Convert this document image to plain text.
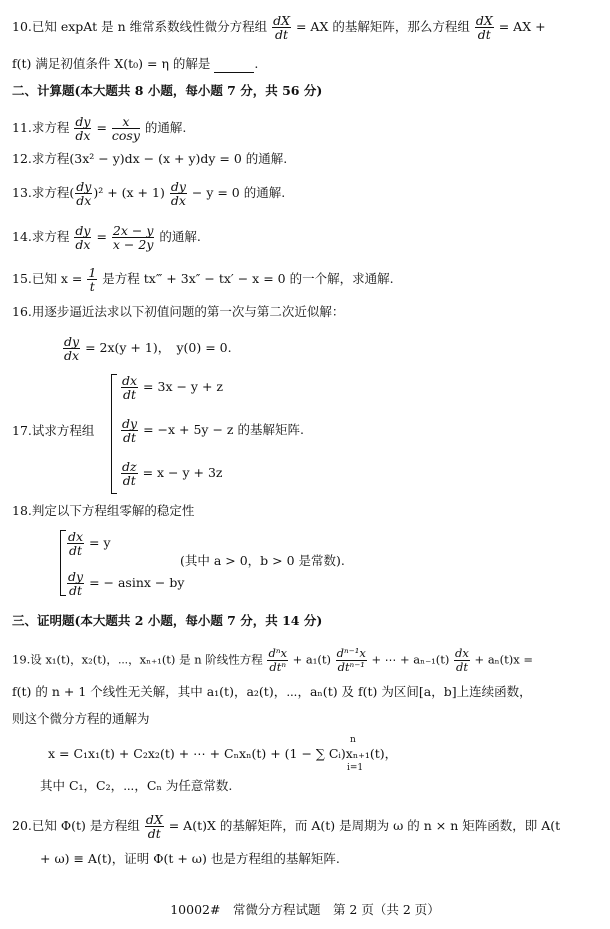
10.已知 expAt 是 n 维常系数线性微分方程组 $\frac{dX}{dt}$ = AX 的基解矩阵，那么方程组 $\frac{dX}{dt}$ = AX +
f(t) 满足初值条件 X(t₀) = η 的解是	.
二、计算题(本大题共 8 小题，每小题 7 分，共 56 分)
11.求方程 $\frac{dy}{dx} = \frac{x}{\cos y}$ 的通解.
12.求方程(3x² − y)dx − (x + y)dy = 0 的通解.
13.求方程( $\frac{dy}{dx} )^2 + (x + 1) \frac{dy}{dx} - y = 0$ 的通解.
14.求方程 $\frac{dy}{dx} = \frac{2x - y}{x - 2y}$ 的通解.
15.已知 $x = \frac{1}{t}$ 是方程 tx‴ + 3x″ − tx′ − x = 0 的一个解，求通解.
16.用逐步逼近法求以下初值问题的第一次与第二次近似解：
$\frac{dy}{dx} = 2x(y + 1)$，　y(0) = 0.
$\frac{dx}{dt} = 3x - y + z$
17.试求方程组	$\frac{dy}{dt} = -x + 5y - z$ 的基解矩阵.
$\frac{dz}{dt} = x - y + 3z$
18.判定以下方程组零解的稳定性
$\frac{dx}{dt} = y$
(其中 a > 0，b > 0 是常数).
$\frac{dy}{dt}$ = − asinx − by
三、证明题(本大题共 2 小题，每小题 7 分，共 14 分)
19.设 x₁(t)，x₂(t)，⋯，xₙ₊₁(t) 是 n 阶线性方程 dⁿx
dtⁿ
+ a₁(t) dⁿ⁻¹x
dtⁿ⁻¹
+ ⋯ + $a_{n-1}(t) \frac{dx}{dt} + a_n(t)x$ =
f(t) 的 n + 1 个线性无关解，其中 a₁(t)，a₂(t)，⋯，aₙ(t) 及 f(t) 为区间[a，b]上连续函数，
则这个微分方程的通解为
n
x = C₁x₁(t) + C₂x₂(t) + ⋯ + Cₙxₙ(t) + (1 − ∑ Cᵢ)xₙ₊₁(t)，
i=1
其中 C₁，C₂，⋯，Cₙ 为任意常数.
20.已知 Φ(t) 是方程组 $\frac{dX}{dt} = A(t)X$ 的基解矩阵，而 A(t) 是周期为 ω 的 n × n 矩阵函数，即 A(t
+ ω) ≡ A(t)，证明 Φ(t + ω) 也是方程组的基解矩阵.
10002#　常微分方程试题　第 2 页（共 2 页）
